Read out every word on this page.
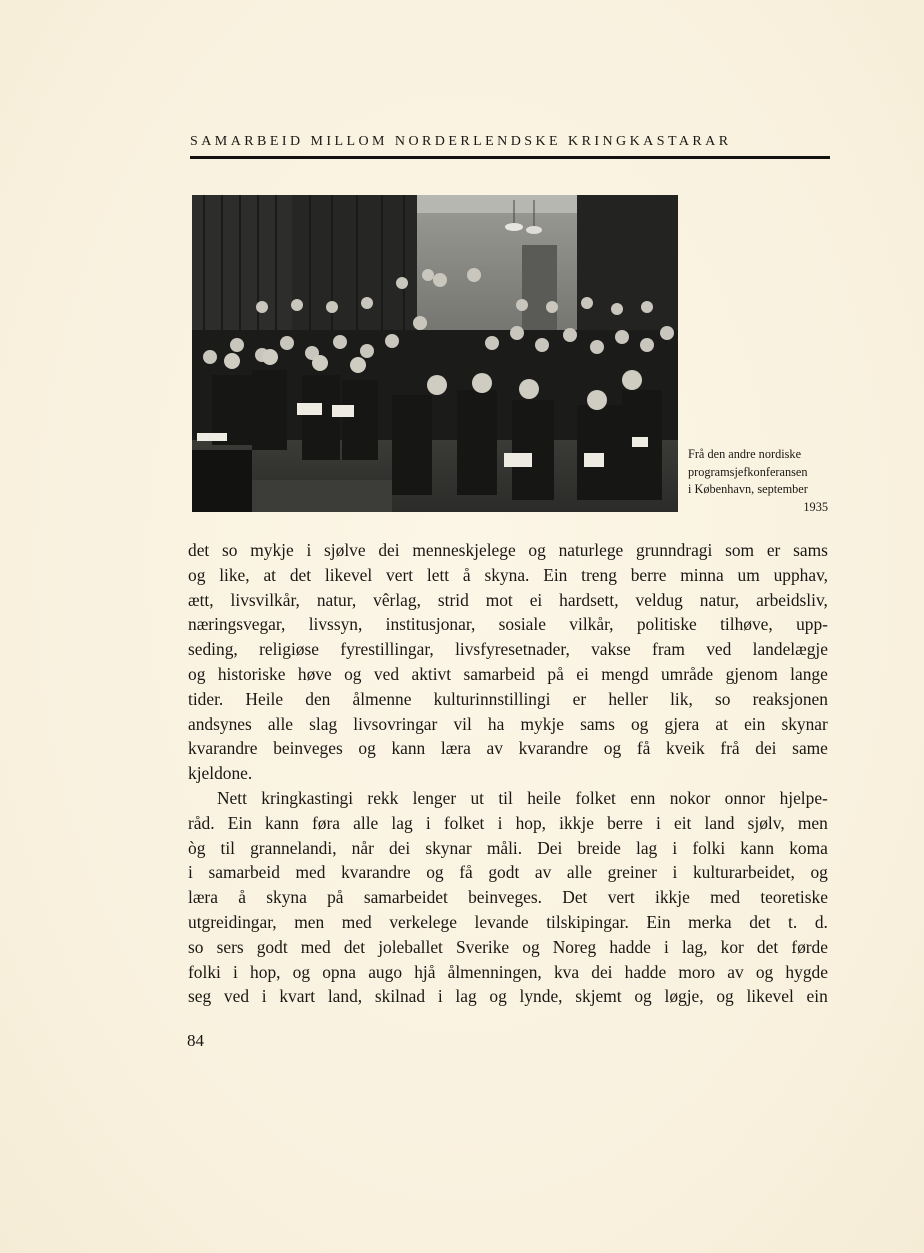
SAMARBEID MILLOM NORDERLENDSKE KRINGKASTARAR
Frå den andre nordiske
programsjefkonferansen
i København, september
1935
det so mykje i sjølve dei menneskjelege og naturlege grunndragi som er sams
og like, at det likevel vert lett å skyna. Ein treng berre minna um upphav,
ætt, livsvilkår, natur, vêrlag, strid mot ei hardsett, veldug natur, arbeidsliv,
næringsvegar, livssyn, institusjonar, sosiale vilkår, politiske tilhøve, upp-
seding, religiøse fyrestillingar, livsfyresetnader, vakse fram ved landelægje
og historiske høve og ved aktivt samarbeid på ei mengd umråde gjenom lange
tider. Heile den ålmenne kulturinnstillingi er heller lik, so reaksjonen
andsynes alle slag livsovringar vil ha mykje sams og gjera at ein skynar
kvarandre beinveges og kann læra av kvarandre og få kveik frå dei same
kjeldone.
Nett kringkastingi rekk lenger ut til heile folket enn nokor onnor hjelpe-
råd. Ein kann føra alle lag i folket i hop, ikkje berre i eit land sjølv, men
òg til grannelandi, når dei skynar måli. Dei breide lag i folki kann koma
i samarbeid med kvarandre og få godt av alle greiner i kulturarbeidet, og
læra å skyna på samarbeidet beinveges. Det vert ikkje med teoretiske
utgreidingar, men med verkelege levande tilskipingar. Ein merka det t. d.
so sers godt med det joleballet Sverike og Noreg hadde i lag, kor det førde
folki i hop, og opna augo hjå ålmenningen, kva dei hadde moro av og hygde
seg ved i kvart land, skilnad i lag og lynde, skjemt og løgje, og likevel ein
84
